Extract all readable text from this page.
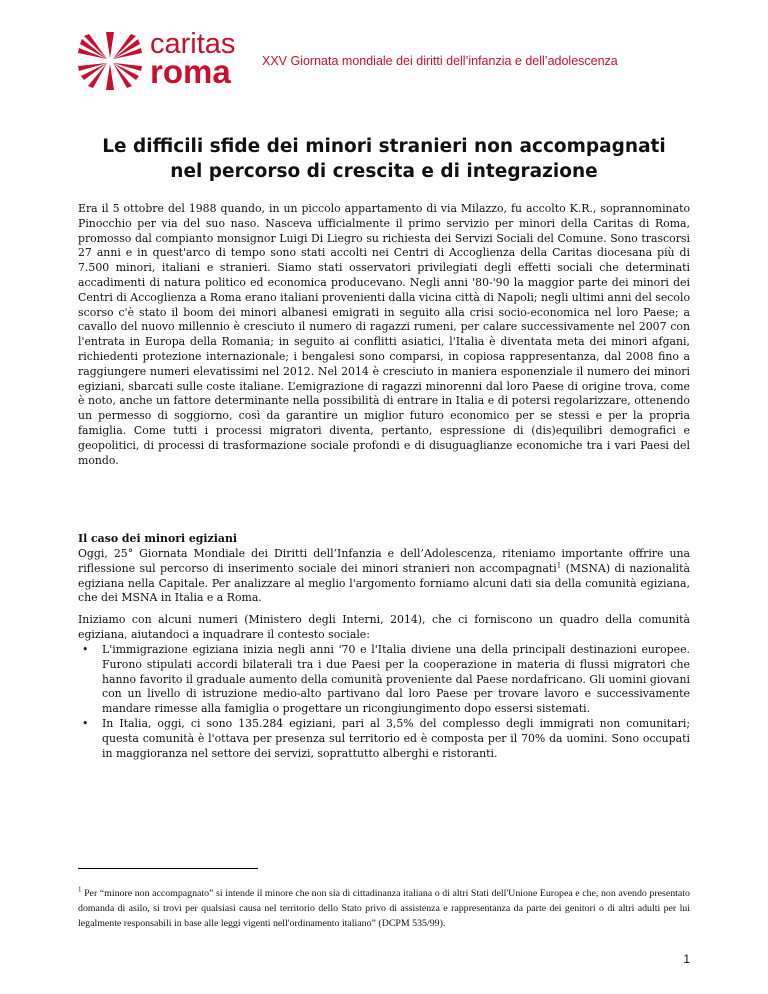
caritas
roma	XXV Giornata mondiale dei diritti dell’infanzia e dell’adolescenza
Le difficili sfide dei minori stranieri non accompagnati
nel percorso di crescita e di integrazione
Era il 5 ottobre del 1988 quando, in un piccolo appartamento di via Milazzo, fu accolto K.R., soprannominato Pinocchio per via del suo naso. Nasceva ufficialmente il primo servizio per minori della Caritas di Roma, promosso dal compianto monsignor Luigi Di Liegro su richiesta dei Servizi Sociali del Comune. Sono trascorsi 27 anni e in quest'arco di tempo sono stati accolti nei Centri di Accoglienza della Caritas diocesana più di 7.500 minori, italiani e stranieri. Siamo stati osservatori privilegiati degli effetti sociali che determinati accadimenti di natura politico ed economica producevano. Negli anni '80-'90 la maggior parte dei minori dei Centri di Accoglienza a Roma erano italiani provenienti dalla vicina città di Napoli; negli ultimi anni del secolo scorso c'è stato il boom dei minori albanesi emigrati in seguito alla crisi socio-economica nel loro Paese; a cavallo del nuovo millennio è cresciuto il numero di ragazzi rumeni, per calare successivamente nel 2007 con l'entrata in Europa della Romania; in seguito ai conflitti asiatici, l'Italia è diventata meta dei minori afgani, richiedenti protezione internazionale; i bengalesi sono comparsi, in copiosa rappresentanza, dal 2008 fino a raggiungere numeri elevatissimi nel 2012. Nel 2014 è cresciuto in maniera esponenziale il numero dei minori egiziani, sbarcati sulle coste italiane. L’emigrazione di ragazzi minorenni dal loro Paese di origine trova, come è noto, anche un fattore determinante nella possibilità di entrare in Italia e di potersi regolarizzare, ottenendo un permesso di soggiorno, così da garantire un miglior futuro economico per se stessi e per la propria famiglia. Come tutti i processi migratori diventa, pertanto, espressione di (dis)equilibri demografici e geopolitici, di processi di trasformazione sociale profondi e di disuguaglianze economiche tra i vari Paesi del mondo.
Il caso dei minori egiziani
Oggi, 25° Giornata Mondiale dei Diritti dell’Infanzia e dell’Adolescenza, riteniamo importante offrire una riflessione sul percorso di inserimento sociale dei minori stranieri non accompagnati$^1$ (MSNA) di nazionalità egiziana nella Capitale. Per analizzare al meglio l'argomento forniamo alcuni dati sia della comunità egiziana, che dei MSNA in Italia e a Roma.
Iniziamo con alcuni numeri (Ministero degli Interni, 2014), che ci forniscono un quadro della comunità egiziana, aiutandoci a inquadrare il contesto sociale:
• L'immigrazione egiziana inizia negli anni '70 e l'Italia diviene una della principali destinazioni europee. Furono stipulati accordi bilaterali tra i due Paesi per la cooperazione in materia di flussi migratori che hanno favorito il graduale aumento della comunità proveniente dal Paese nordafricano. Gli uomini giovani con un livello di istruzione medio-alto partivano dal loro Paese per trovare lavoro e successivamente mandare rimesse alla famiglia o progettare un ricongiungimento dopo essersi sistemati.
• In Italia, oggi, ci sono 135.284 egiziani, pari al 3,5% del complesso degli immigrati non comunitari; questa comunità è l'ottava per presenza sul territorio ed è composta per il 70% da uomini. Sono occupati in maggioranza nel settore dei servizi, soprattutto alberghi e ristoranti.
$^1$ Per “minore non accompagnato” si intende il minore che non sia di cittadinanza italiana o di altri Stati dell'Unione Europea e che, non avendo presentato domanda di asilo, si trovi per qualsiasi causa nel territorio dello Stato privo di assistenza e rappresentanza da parte dei genitori o di altri adulti per lui legalmente responsabili in base alle leggi vigenti nell'ordinamento italiano” (DCPM 535/99).
1
